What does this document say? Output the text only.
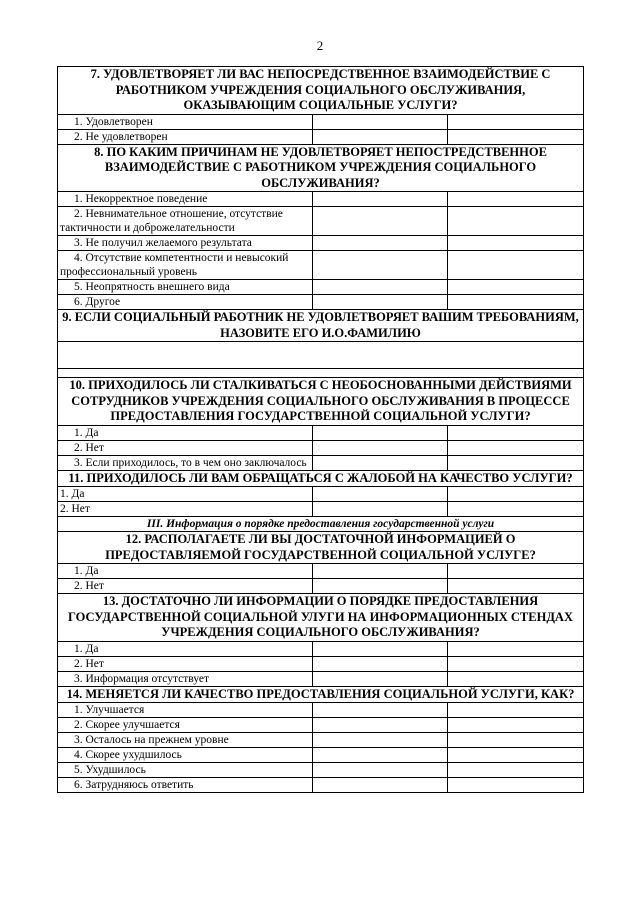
2
7. УДОВЛЕТВОРЯЕТ ЛИ ВАС НЕПОСРЕДСТВЕННОЕ ВЗАИМОДЕЙСТВИЕ С РАБОТНИКОМ УЧРЕЖДЕНИЯ СОЦИАЛЬНОГО ОБСЛУЖИВАНИЯ, ОКАЗЫВАЮЩИМ СОЦИАЛЬНЫЕ УСЛУГИ?		
1. Удовлетворен		
2. Не удовлетворен		
8. ПО КАКИМ ПРИЧИНАМ НЕ УДОВЛЕТВОРЯЕТ НЕПОСТРЕДСТВЕННОЕ ВЗАИМОДЕЙСТВИЕ С РАБОТНИКОМ УЧРЕЖДЕНИЯ СОЦИАЛЬНОГО ОБСЛУЖИВАНИЯ?		
1. Некорректное поведение		
2. Невнимательное отношение, отсутствие тактичности и доброжелательности		
3. Не получил желаемого результата		
4. Отсутствие компетентности и невысокий профессиональный уровень		
5. Неопрятность внешнего вида		
6. Другое		
9. ЕСЛИ СОЦИАЛЬНЫЙ РАБОТНИК НЕ УДОВЛЕТВОРЯЕТ ВАШИМ ТРЕБОВАНИЯМ, НАЗОВИТЕ ЕГО И.О.ФАМИЛИЮ		

10. ПРИХОДИЛОСЬ ЛИ СТАЛКИВАТЬСЯ С НЕОБОСНОВАННЫМИ ДЕЙСТВИЯМИ СОТРУДНИКОВ УЧРЕЖДЕНИЯ СОЦИАЛЬНОГО ОБСЛУЖИВАНИЯ В ПРОЦЕССЕ ПРЕДОСТАВЛЕНИЯ ГОСУДАРСТВЕННОЙ СОЦИАЛЬНОЙ УСЛУГИ?		
1. Да		
2. Нет		
3. Если приходилось, то в чем оно заключалось		
11. ПРИХОДИЛОСЬ ЛИ ВАМ ОБРАЩАТЬСЯ С ЖАЛОБОЙ НА КАЧЕСТВО УСЛУГИ?		
1. Да		
2. Нет		
III. Информация о порядке предоставления государственной услуги		
12. РАСПОЛАГАЕТЕ ЛИ ВЫ ДОСТАТОЧНОЙ ИНФОРМАЦИЕЙ О ПРЕДОСТАВЛЯЕМОЙ ГОСУДАРСТВЕННОЙ СОЦИАЛЬНОЙ УСЛУГЕ?		
1. Да		
2. Нет		
13. ДОСТАТОЧНО ЛИ ИНФОРМАЦИИ О ПОРЯДКЕ ПРЕДОСТАВЛЕНИЯ ГОСУДАРСТВЕННОЙ СОЦИАЛЬНОЙ УЛУГИ НА ИНФОРМАЦИОННЫХ СТЕНДАХ УЧРЕЖДЕНИЯ СОЦИАЛЬНОГО ОБСЛУЖИВАНИЯ?		
1. Да		
2. Нет		
3. Информация отсутствует		
14. МЕНЯЕТСЯ ЛИ КАЧЕСТВО ПРЕДОСТАВЛЕНИЯ СОЦИАЛЬНОЙ УСЛУГИ, КАК?		
1. Улучшается		
2. Скорее улучшается		
3. Осталось на прежнем уровне		
4. Скорее ухудшилось		
5. Ухудшилось		
6. Затрудняюсь ответить		
